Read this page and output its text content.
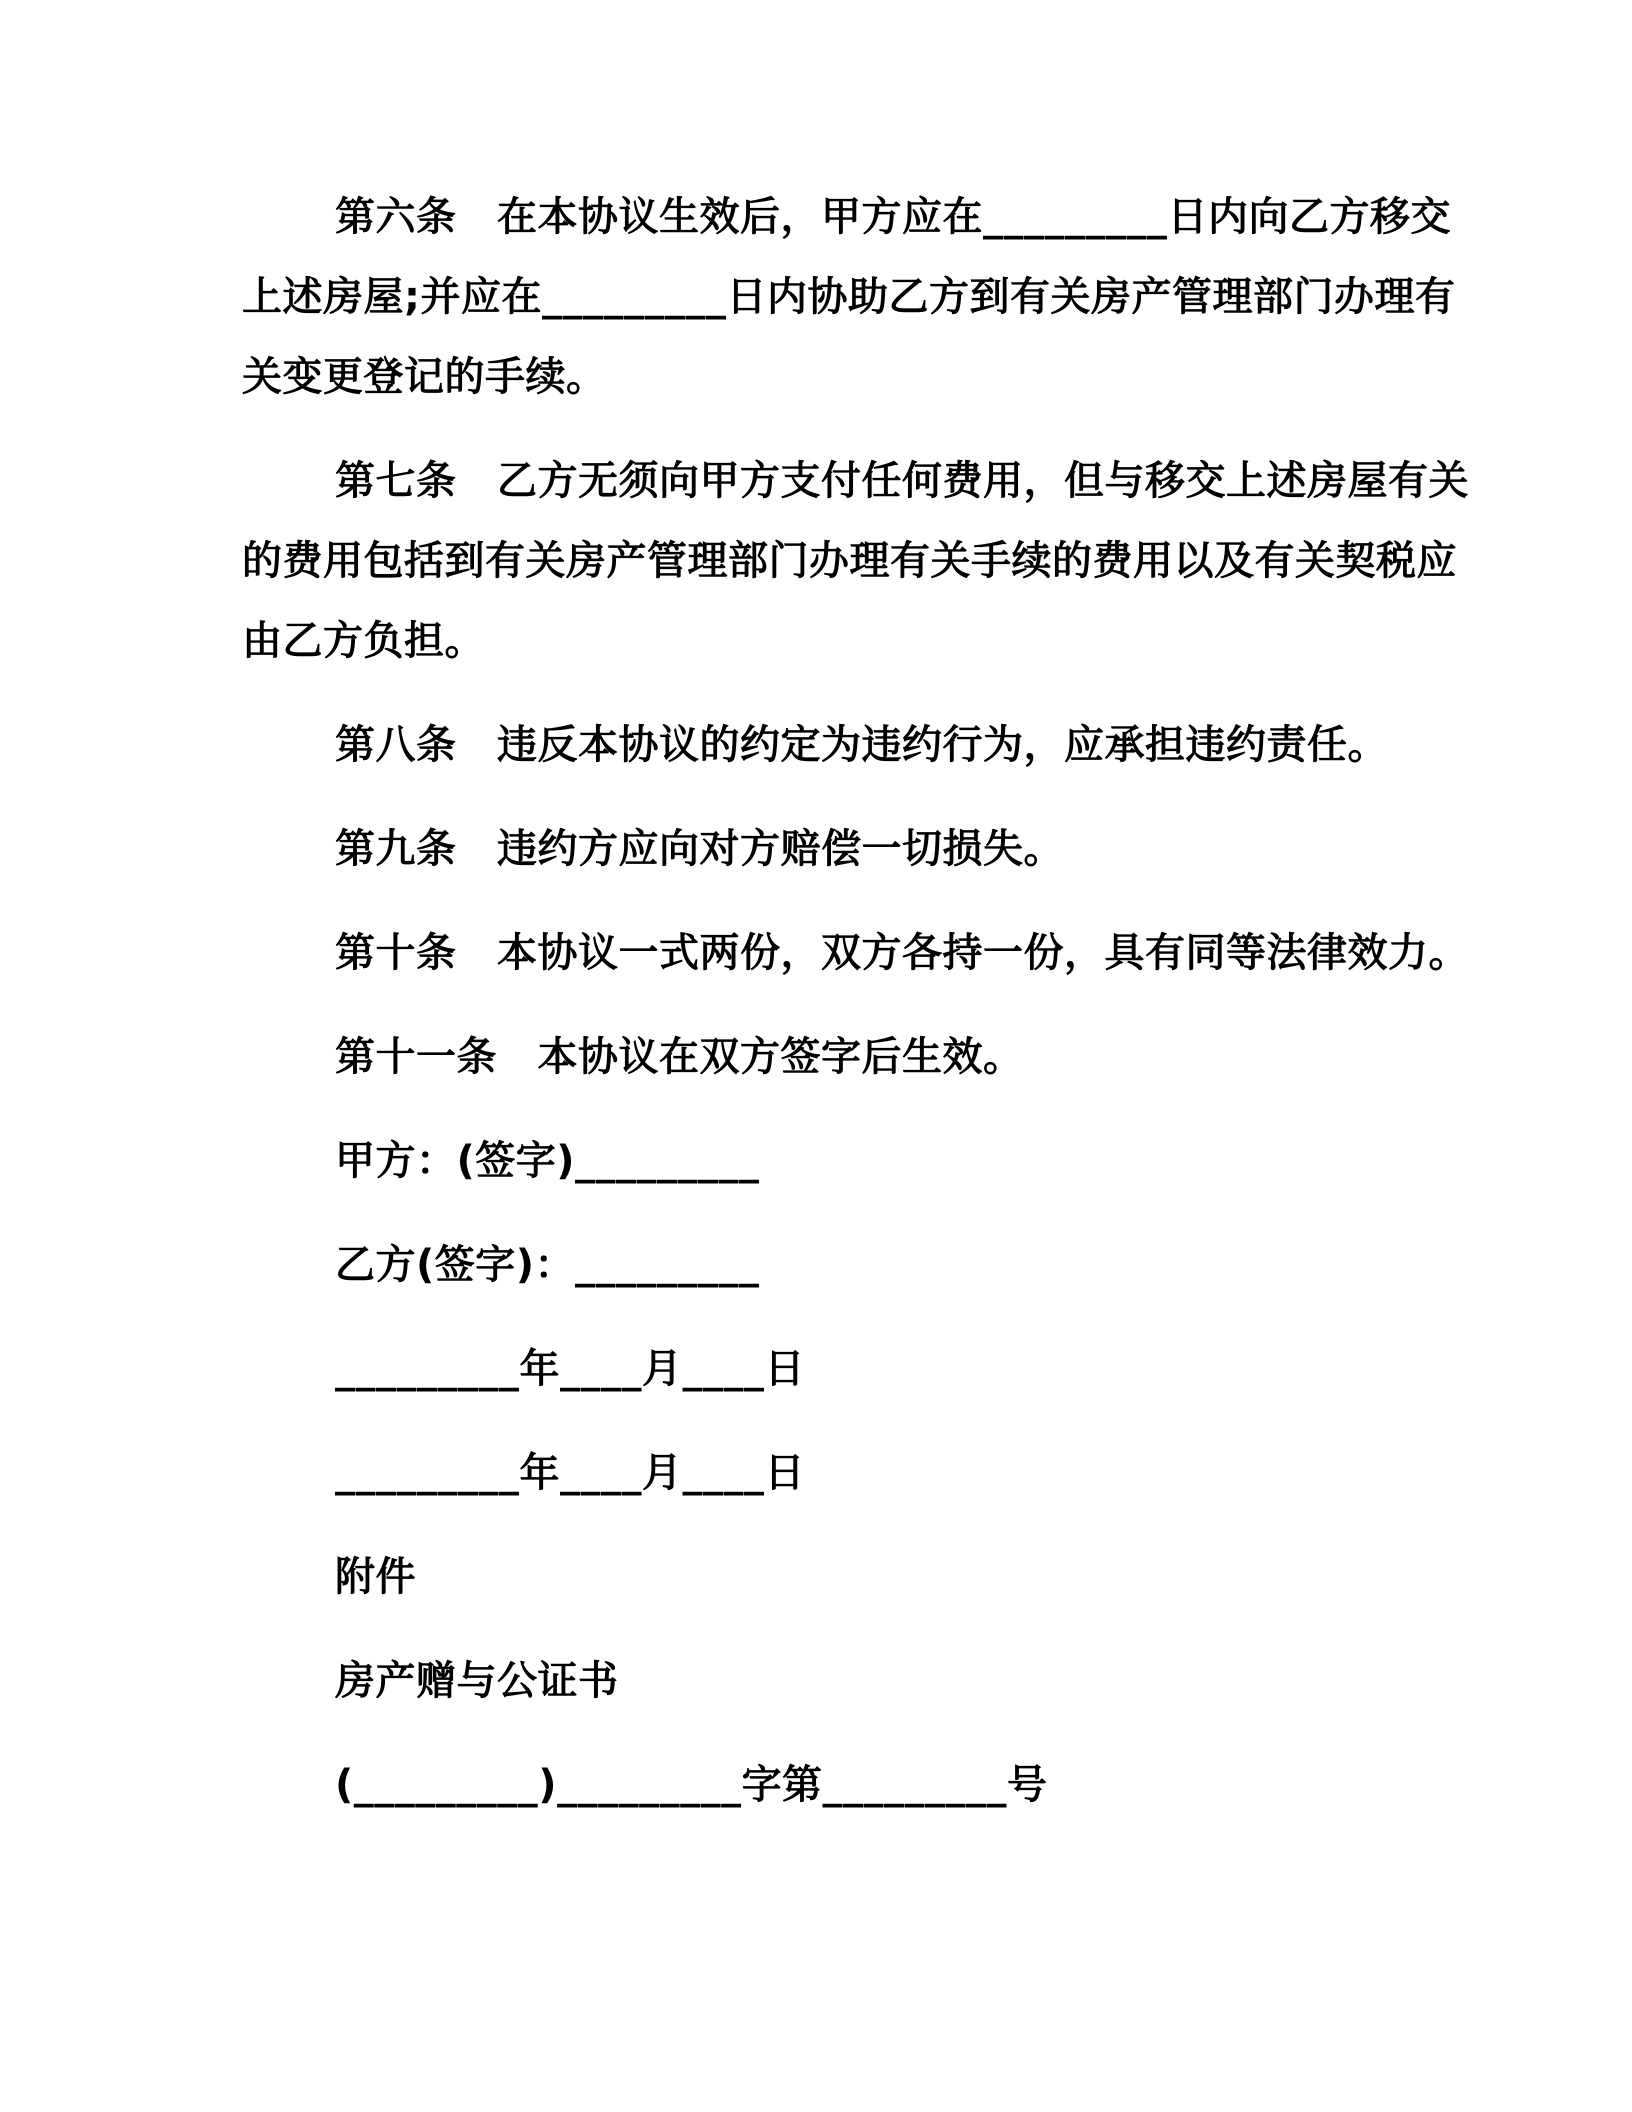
第六条　在本协议生效后，甲方应在_________日内向乙方移交
上述房屋;并应在_________日内协助乙方到有关房产管理部门办理有
关变更登记的手续。
第七条　乙方无须向甲方支付任何费用，但与移交上述房屋有关
的费用包括到有关房产管理部门办理有关手续的费用以及有关契税应
由乙方负担。
第八条　违反本协议的约定为违约行为，应承担违约责任。
第九条　违约方应向对方赔偿一切损失。
第十条　本协议一式两份，双方各持一份，具有同等法律效力。
第十一条　本协议在双方签字后生效。
甲方：(签字)_________
乙方(签字)：_________
_________年____月____日
_________年____月____日
附件
房产赠与公证书
(_________)_________字第_________号
